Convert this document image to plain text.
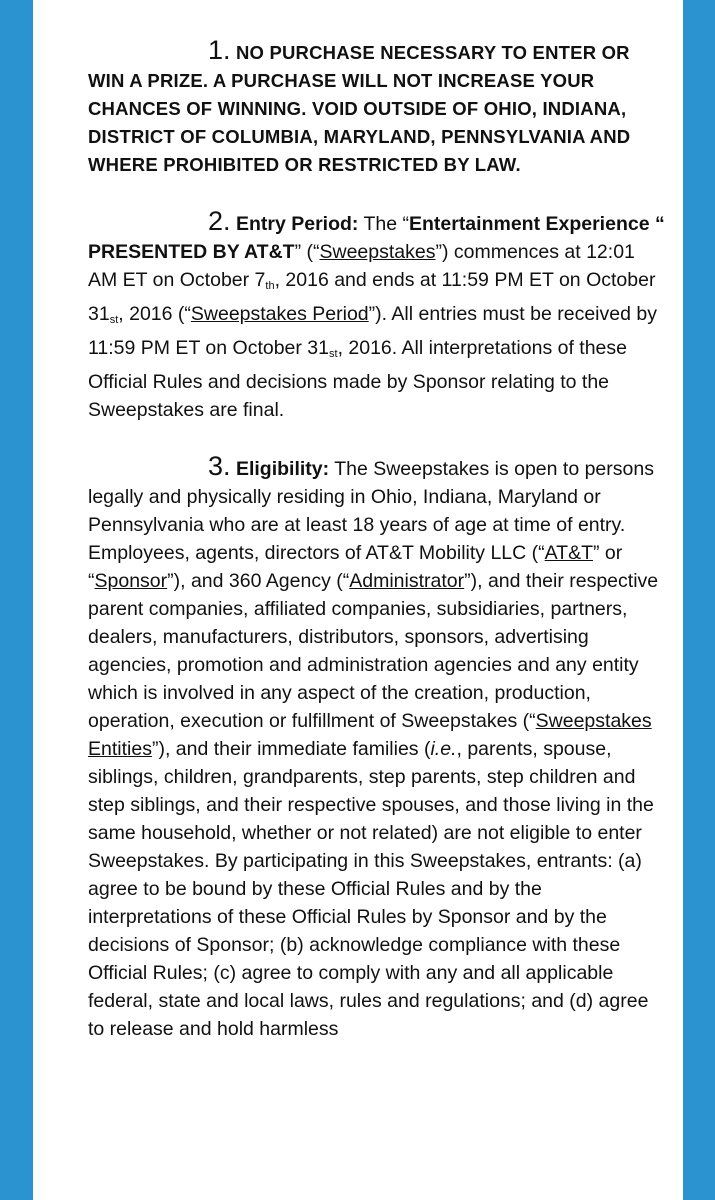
1. NO PURCHASE NECESSARY TO ENTER OR WIN A PRIZE. A PURCHASE WILL NOT INCREASE YOUR CHANCES OF WINNING. VOID OUTSIDE OF OHIO, INDIANA, DISTRICT OF COLUMBIA, MARYLAND, PENNSYLVANIA AND WHERE PROHIBITED OR RESTRICTED BY LAW.

2. Entry Period: The “Entertainment Experience “ PRESENTED BY AT&T” (“Sweepstakes”) commences at 12:01 AM ET on October $7_{th}$, 2016 and ends at 11:59 PM ET on October $31_{st}$, 2016 (“Sweepstakes Period”). All entries must be received by 11:59 PM ET on October $31_{st}$, 2016. All interpretations of these Official Rules and decisions made by Sponsor relating to the Sweepstakes are final.

3. Eligibility: The Sweepstakes is open to persons legally and physically residing in Ohio, Indiana, Maryland or Pennsylvania who are at least 18 years of age at time of entry. Employees, agents, directors of AT&T Mobility LLC (“AT&T” or “Sponsor”), and 360 Agency (“Administrator”), and their respective parent companies, affiliated companies, subsidiaries, partners, dealers, manufacturers, distributors, sponsors, advertising agencies, promotion and administration agencies and any entity which is involved in any aspect of the creation, production, operation, execution or fulfillment of Sweepstakes (“Sweepstakes Entities”), and their immediate families (i.e., parents, spouse, siblings, children, grandparents, step parents, step children and step siblings, and their respective spouses, and those living in the same household, whether or not related) are not eligible to enter Sweepstakes. By participating in this Sweepstakes, entrants: (a) agree to be bound by these Official Rules and by the interpretations of these Official Rules by Sponsor and by the decisions of Sponsor; (b) acknowledge compliance with these Official Rules; (c) agree to comply with any and all applicable federal, state and local laws, rules and regulations; and (d) agree to release and hold harmless
